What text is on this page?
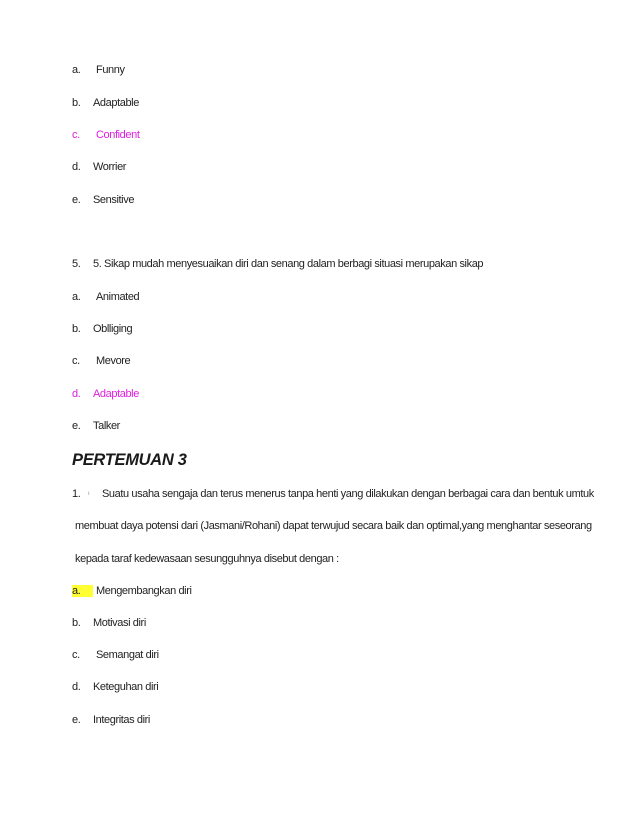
a. Funny
b. Adaptable
c. Confident
d. Worrier
e. Sensitive
5. 5. Sikap mudah menyesuaikan diri dan senang dalam berbagi situasi merupakan sikap
a. Animated
b. Oblliging
c. Mevore
d. Adaptable
e. Talker
PERTEMUAN 3
1. ı Suatu usaha sengaja dan terus menerus tanpa henti yang dilakukan dengan berbagai cara dan bentuk umtuk
membuat daya potensi dari (Jasmani/Rohani) dapat terwujud secara baik dan optimal,yang menghantar seseorang
kepada taraf kedewasaan sesungguhnya disebut dengan :
a. Mengembangkan diri
b. Motivasi diri
c. Semangat diri
d. Keteguhan diri
e. Integritas diri
